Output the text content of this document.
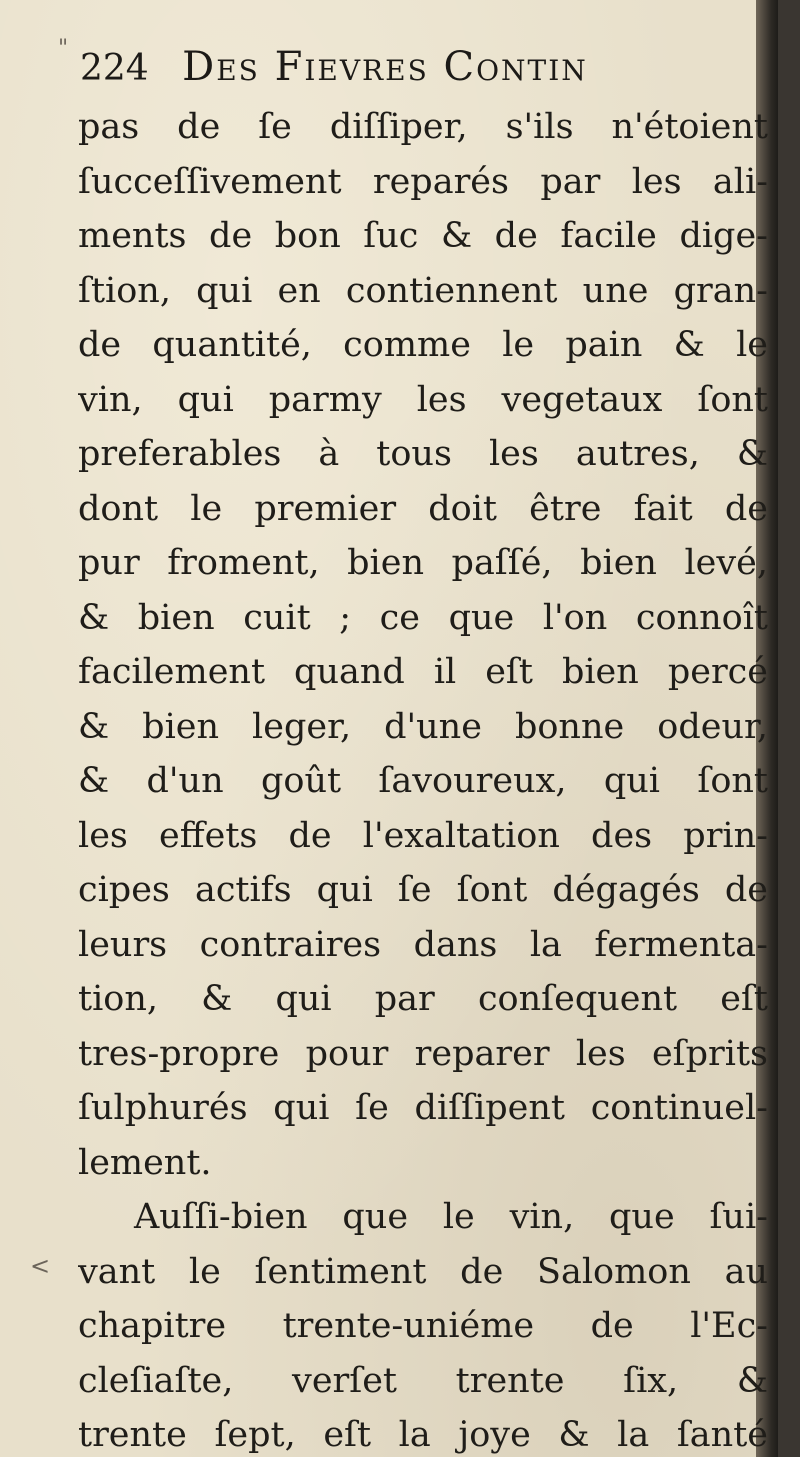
" 224 Des Fievres Contin
pas de ſe diſſiper, s'ils n'étoient
ſucceſſivement reparés par les ali-
ments de bon ſuc & de facile dige-
ſtion, qui en contiennent une gran-
de quantité, comme le pain & le
vin, qui parmy les vegetaux ſont
preferables à tous les autres, &
dont le premier doit être fait de
pur froment, bien paſſé, bien levé,
& bien cuit ; ce que l'on connoît
facilement quand il eſt bien percé
& bien leger, d'une bonne odeur,
& d'un goût ſavoureux, qui ſont
les effets de l'exaltation des prin-
cipes actifs qui ſe ſont dégagés de
leurs contraires dans la fermenta-
tion, & qui par conſequent eſt
tres-propre pour reparer les eſprits
ſulphurés qui ſe diſſipent continuel-
lement.
Auſſi-bien que le vin, que ſui-
vant le ſentiment de Salomon au
chapitre trente-uniéme de l'Ec-
cleſiaſte, verſet trente ſix, &
trente ſept, eſt la joye & la ſanté
<
